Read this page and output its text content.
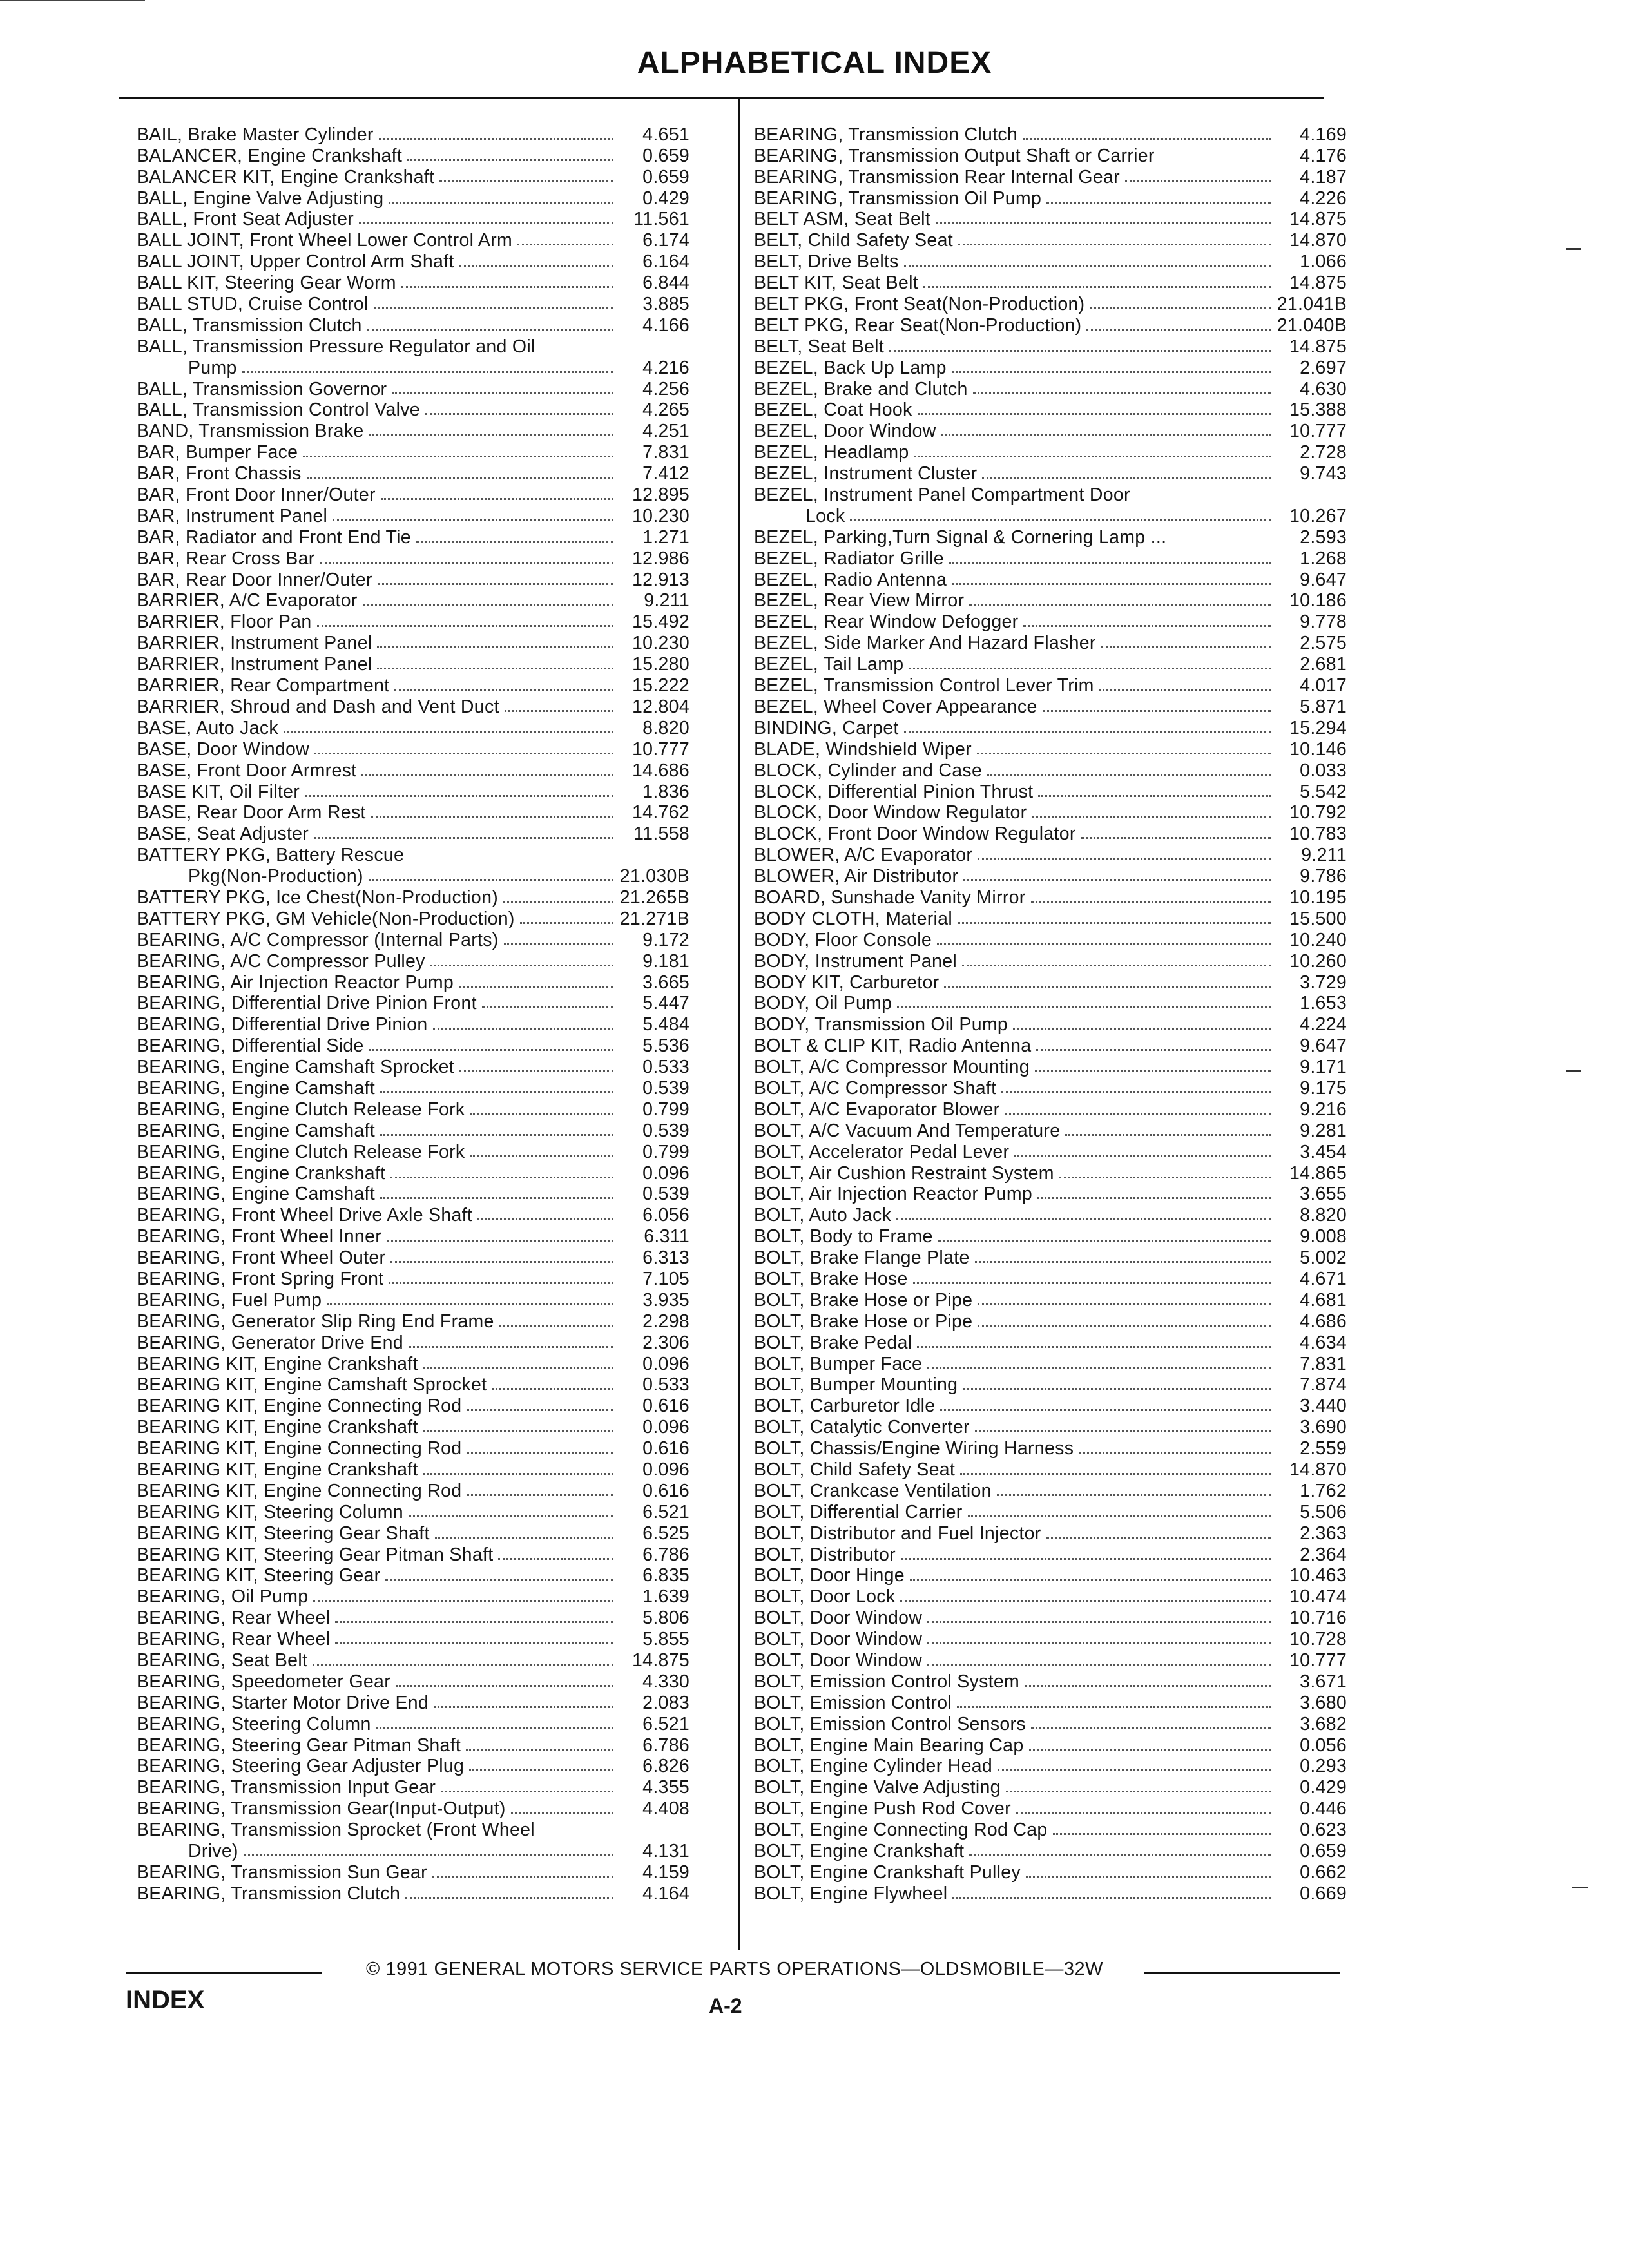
ALPHABETICAL INDEX
BAIL, Brake Master Cylinder	4.651
BALANCER, Engine Crankshaft	0.659
BALANCER KIT, Engine Crankshaft	0.659
BALL, Engine Valve Adjusting	0.429
BALL, Front Seat Adjuster	11.561
BALL JOINT, Front Wheel Lower Control Arm	6.174
BALL JOINT, Upper Control Arm Shaft	6.164
BALL KIT, Steering Gear Worm	6.844
BALL STUD, Cruise Control	3.885
BALL, Transmission Clutch	4.166
BALL, Transmission Pressure Regulator and Oil
Pump	4.216
BALL, Transmission Governor	4.256
BALL, Transmission Control Valve	4.265
BAND, Transmission Brake	4.251
BAR, Bumper Face	7.831
BAR, Front Chassis	7.412
BAR, Front Door Inner/Outer	12.895
BAR, Instrument Panel	10.230
BAR, Radiator and Front End Tie	1.271
BAR, Rear Cross Bar	12.986
BAR, Rear Door Inner/Outer	12.913
BARRIER, A/C Evaporator	9.211
BARRIER, Floor Pan	15.492
BARRIER, Instrument Panel	10.230
BARRIER, Instrument Panel	15.280
BARRIER, Rear Compartment	15.222
BARRIER, Shroud and Dash and Vent Duct	12.804
BASE, Auto Jack	8.820
BASE, Door Window	10.777
BASE, Front Door Armrest	14.686
BASE KIT, Oil Filter	1.836
BASE, Rear Door Arm Rest	14.762
BASE, Seat Adjuster	11.558
BATTERY PKG, Battery Rescue
Pkg(Non-Production)	21.030B
BATTERY PKG, Ice Chest(Non-Production)	21.265B
BATTERY PKG, GM Vehicle(Non-Production)	21.271B
BEARING, A/C Compressor (Internal Parts)	9.172
BEARING, A/C Compressor Pulley	9.181
BEARING, Air Injection Reactor Pump	3.665
BEARING, Differential Drive Pinion Front	5.447
BEARING, Differential Drive Pinion	5.484
BEARING, Differential Side	5.536
BEARING, Engine Camshaft Sprocket	0.533
BEARING, Engine Camshaft	0.539
BEARING, Engine Clutch Release Fork	0.799
BEARING, Engine Camshaft	0.539
BEARING, Engine Clutch Release Fork	0.799
BEARING, Engine Crankshaft	0.096
BEARING, Engine Camshaft	0.539
BEARING, Front Wheel Drive Axle Shaft	6.056
BEARING, Front Wheel Inner	6.311
BEARING, Front Wheel Outer	6.313
BEARING, Front Spring Front	7.105
BEARING, Fuel Pump	3.935
BEARING, Generator Slip Ring End Frame	2.298
BEARING, Generator Drive End	2.306
BEARING KIT, Engine Crankshaft	0.096
BEARING KIT, Engine Camshaft Sprocket	0.533
BEARING KIT, Engine Connecting Rod	0.616
BEARING KIT, Engine Crankshaft	0.096
BEARING KIT, Engine Connecting Rod	0.616
BEARING KIT, Engine Crankshaft	0.096
BEARING KIT, Engine Connecting Rod	0.616
BEARING KIT, Steering Column	6.521
BEARING KIT, Steering Gear Shaft	6.525
BEARING KIT, Steering Gear Pitman Shaft	6.786
BEARING KIT, Steering Gear	6.835
BEARING, Oil Pump	1.639
BEARING, Rear Wheel	5.806
BEARING, Rear Wheel	5.855
BEARING, Seat Belt	14.875
BEARING, Speedometer Gear	4.330
BEARING, Starter Motor Drive End	2.083
BEARING, Steering Column	6.521
BEARING, Steering Gear Pitman Shaft	6.786
BEARING, Steering Gear Adjuster Plug	6.826
BEARING, Transmission Input Gear	4.355
BEARING, Transmission Gear(Input-Output)	4.408
BEARING, Transmission Sprocket (Front Wheel
Drive)	4.131
BEARING, Transmission Sun Gear	4.159
BEARING, Transmission Clutch	4.164
BEARING, Transmission Clutch	4.169
BEARING, Transmission Output Shaft or Carrier	4.176
BEARING, Transmission Rear Internal Gear	4.187
BEARING, Transmission Oil Pump	4.226
BELT ASM, Seat Belt	14.875
BELT, Child Safety Seat	14.870
BELT, Drive Belts	1.066
BELT KIT, Seat Belt	14.875
BELT PKG, Front Seat(Non-Production)	21.041B
BELT PKG, Rear Seat(Non-Production)	21.040B
BELT, Seat Belt	14.875
BEZEL, Back Up Lamp	2.697
BEZEL, Brake and Clutch	4.630
BEZEL, Coat Hook	15.388
BEZEL, Door Window	10.777
BEZEL, Headlamp	2.728
BEZEL, Instrument Cluster	9.743
BEZEL, Instrument Panel Compartment Door
Lock	10.267
BEZEL, Parking,Turn Signal & Cornering Lamp ...	2.593
BEZEL, Radiator Grille	1.268
BEZEL, Radio Antenna	9.647
BEZEL, Rear View Mirror	10.186
BEZEL, Rear Window Defogger	9.778
BEZEL, Side Marker And Hazard Flasher	2.575
BEZEL, Tail Lamp	2.681
BEZEL, Transmission Control Lever Trim	4.017
BEZEL, Wheel Cover Appearance	5.871
BINDING, Carpet	15.294
BLADE, Windshield Wiper	10.146
BLOCK, Cylinder and Case	0.033
BLOCK, Differential Pinion Thrust	5.542
BLOCK, Door Window Regulator	10.792
BLOCK, Front Door Window Regulator	10.783
BLOWER, A/C Evaporator	9.211
BLOWER, Air Distributor	9.786
BOARD, Sunshade Vanity Mirror	10.195
BODY CLOTH, Material	15.500
BODY, Floor Console	10.240
BODY, Instrument Panel	10.260
BODY KIT, Carburetor	3.729
BODY, Oil Pump	1.653
BODY, Transmission Oil Pump	4.224
BOLT & CLIP KIT, Radio Antenna	9.647
BOLT, A/C Compressor Mounting	9.171
BOLT, A/C Compressor Shaft	9.175
BOLT, A/C Evaporator Blower	9.216
BOLT, A/C Vacuum And Temperature	9.281
BOLT, Accelerator Pedal Lever	3.454
BOLT, Air Cushion Restraint System	14.865
BOLT, Air Injection Reactor Pump	3.655
BOLT, Auto Jack	8.820
BOLT, Body to Frame	9.008
BOLT, Brake Flange Plate	5.002
BOLT, Brake Hose	4.671
BOLT, Brake Hose or Pipe	4.681
BOLT, Brake Hose or Pipe	4.686
BOLT, Brake Pedal	4.634
BOLT, Bumper Face	7.831
BOLT, Bumper Mounting	7.874
BOLT, Carburetor Idle	3.440
BOLT, Catalytic Converter	3.690
BOLT, Chassis/Engine Wiring Harness	2.559
BOLT, Child Safety Seat	14.870
BOLT, Crankcase Ventilation	1.762
BOLT, Differential Carrier	5.506
BOLT, Distributor and Fuel Injector	2.363
BOLT, Distributor	2.364
BOLT, Door Hinge	10.463
BOLT, Door Lock	10.474
BOLT, Door Window	10.716
BOLT, Door Window	10.728
BOLT, Door Window	10.777
BOLT, Emission Control System	3.671
BOLT, Emission Control	3.680
BOLT, Emission Control Sensors	3.682
BOLT, Engine Main Bearing Cap	0.056
BOLT, Engine Cylinder Head	0.293
BOLT, Engine Valve Adjusting	0.429
BOLT, Engine Push Rod Cover	0.446
BOLT, Engine Connecting Rod Cap	0.623
BOLT, Engine Crankshaft	0.659
BOLT, Engine Crankshaft Pulley	0.662
BOLT, Engine Flywheel	0.669
© 1991 GENERAL MOTORS SERVICE PARTS OPERATIONS—OLDSMOBILE—32W
INDEX	A-2
